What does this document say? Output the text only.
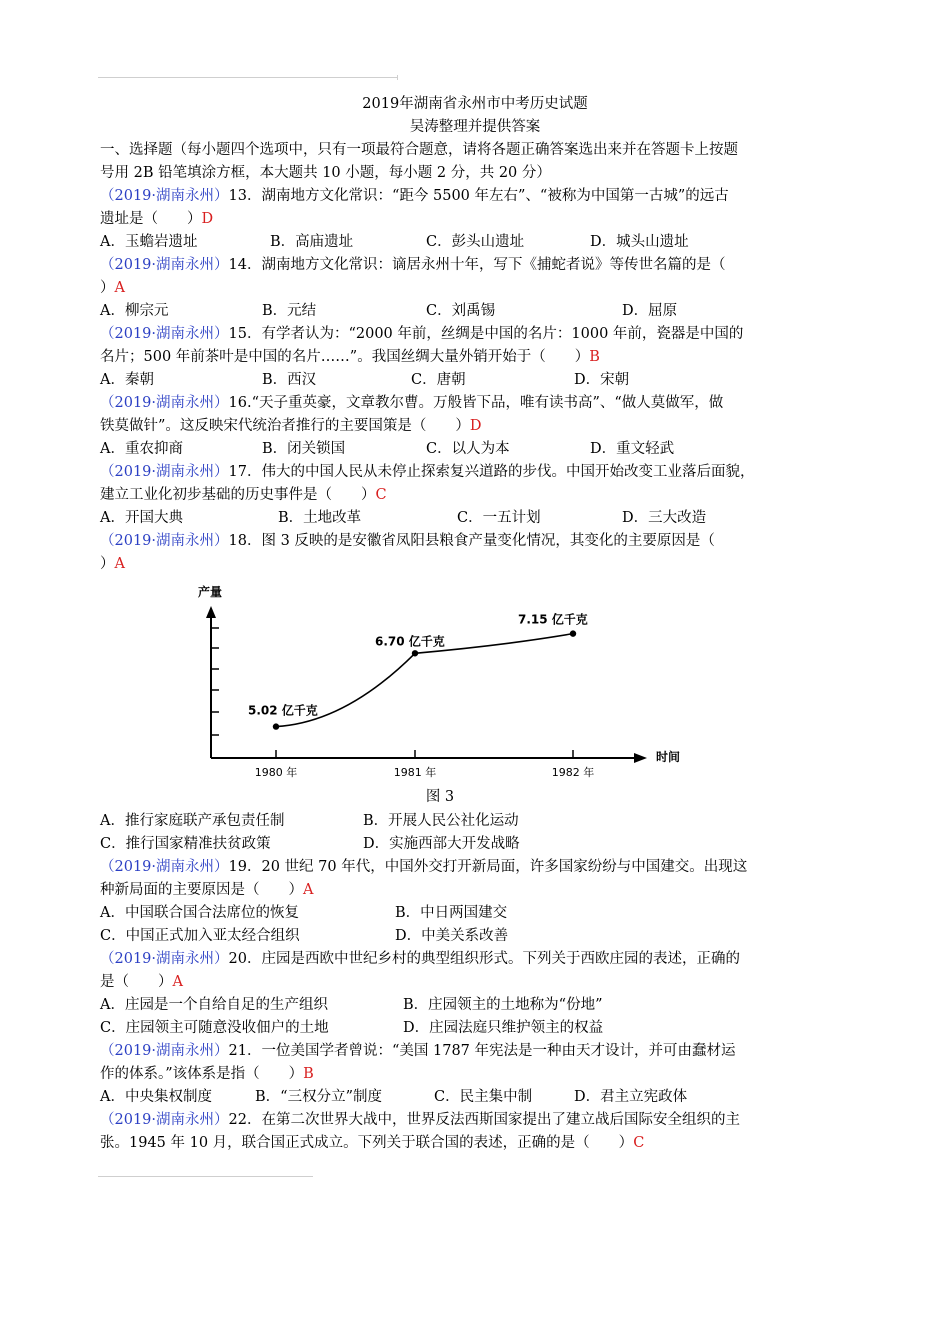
2019年湖南省永州市中考历史试题
吴涛整理并提供答案
一、选择题（每小题四个选项中，只有一项最符合题意，请将各题正确答案选出来并在答题卡上按题
号用 2B 铅笔填涂方框，本大题共 10 小题，每小题 2 分，共 20 分）
（2019·湖南永州）13．湖南地方文化常识：“距今 5500 年左右”、“被称为中国第一古城”的远古
遗址是（　　）D
A．玉蟾岩遗址	B．高庙遗址	C．彭头山遗址	D．城头山遗址
（2019·湖南永州）14．湖南地方文化常识：谪居永州十年，写下《捕蛇者说》等传世名篇的是（
）A
A．柳宗元	B．元结	C．刘禹锡	D．屈原
（2019·湖南永州）15．有学者认为：“2000 年前，丝绸是中国的名片：1000 年前，瓷器是中国的
名片；500 年前茶叶是中国的名片……”。我国丝绸大量外销开始于（　　）B
A．秦朝	B．西汉	C．唐朝	D．宋朝
（2019·湖南永州）16.“天子重英豪，文章教尔曹。万般皆下品，唯有读书高”、“做人莫做军，做
铁莫做针”。这反映宋代统治者推行的主要国策是（　　）D
A．重农抑商	B．闭关锁国	C．以人为本	D．重文轻武
（2019·湖南永州）17．伟大的中国人民从未停止探索复兴道路的步伐。中国开始改变工业落后面貌，
建立工业化初步基础的历史事件是（　　）C
A．开国大典	B．土地改革	C．一五计划	D．三大改造
（2019·湖南永州）18．图 3 反映的是安徽省凤阳县粮食产量变化情况，其变化的主要原因是（
）A
产量
时间
1980 年	1981 年	1982 年
5.02 亿千克
6.70 亿千克
7.15 亿千克
图 3
A．推行家庭联产承包责任制	B．开展人民公社化运动
C．推行国家精准扶贫政策	D．实施西部大开发战略
（2019·湖南永州）19．20 世纪 70 年代，中国外交打开新局面，许多国家纷纷与中国建交。出现这
种新局面的主要原因是（　　）A
A．中国联合国合法席位的恢复	B．中日两国建交
C．中国正式加入亚太经合组织	D．中美关系改善
（2019·湖南永州）20．庄园是西欧中世纪乡村的典型组织形式。下列关于西欧庄园的表述，正确的
是（　　）A
A．庄园是一个自给自足的生产组织	B．庄园领主的土地称为“份地”
C．庄园领主可随意没收佃户的土地	D．庄园法庭只维护领主的权益
（2019·湖南永州）21．一位美国学者曾说：“美国 1787 年宪法是一种由天才设计，并可由蠢材运
作的体系。”该体系是指（　　）B
A．中央集权制度	B．“三权分立”制度	C．民主集中制	D．君主立宪政体
（2019·湖南永州）22．在第二次世界大战中，世界反法西斯国家提出了建立战后国际安全组织的主
张。1945 年 10 月，联合国正式成立。下列关于联合国的表述，正确的是（　　）C
